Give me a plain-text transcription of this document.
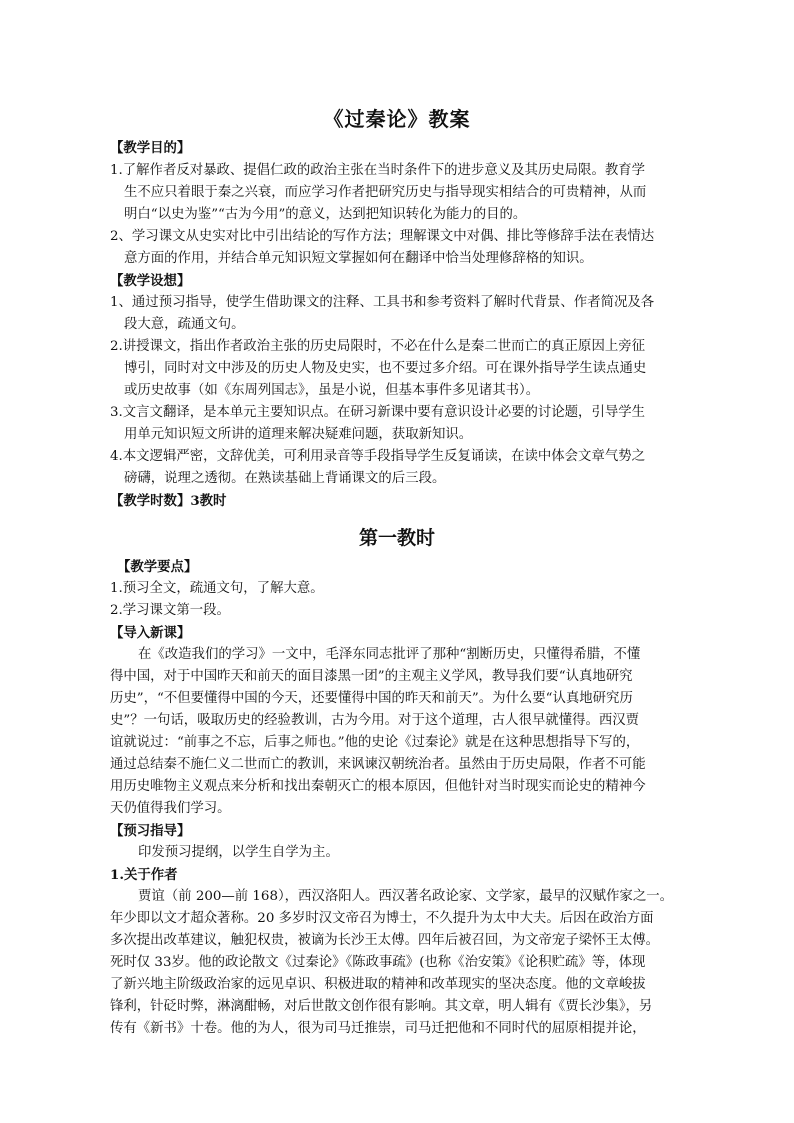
《过秦论》教案
【教学目的】
1.了解作者反对暴政、提倡仁政的政治主张在当时条件下的进步意义及其历史局限。教育学
生不应只着眼于秦之兴衰，而应学习作者把研究历史与指导现实相结合的可贵精神，从而
明白“以史为鉴”“古为今用”的意义，达到把知识转化为能力的目的。
2、学习课文从史实对比中引出结论的写作方法；理解课文中对偶、排比等修辞手法在表情达
意方面的作用，并结合单元知识短文掌握如何在翻译中恰当处理修辞格的知识。
【教学设想】
1、通过预习指导，使学生借助课文的注释、工具书和参考资料了解时代背景、作者简况及各
段大意，疏通文句。
2.讲授课文，指出作者政治主张的历史局限时，不必在什么是秦二世而亡的真正原因上旁征
博引，同时对文中涉及的历史人物及史实，也不要过多介绍。可在课外指导学生读点通史
或历史故事（如《东周列国志》，虽是小说，但基本事件多见诸其书）。
3.文言文翻译，是本单元主要知识点。在研习新课中要有意识设计必要的讨论题，引导学生
用单元知识短文所讲的道理来解决疑难问题，获取新知识。
4.本文逻辑严密，文辞优美，可利用录音等手段指导学生反复诵读，在读中体会文章气势之
磅礴，说理之透彻。在熟读基础上背诵课文的后三段。
【教学时数】3教时
第一教时
【教学要点】
1.预习全文，疏通文句，了解大意。
2.学习课文第一段。
【导入新课】
在《改造我们的学习》一文中，毛泽东同志批评了那种“割断历史，只懂得希腊，不懂
得中国，对于中国昨天和前天的面目漆黑一团”的主观主义学风，教导我们要“认真地研究
历史”，“不但要懂得中国的今天，还要懂得中国的昨天和前天”。为什么要“认真地研究历
史”？一句话，吸取历史的经验教训，古为今用。对于这个道理，古人很早就懂得。西汉贾
谊就说过：“前事之不忘，后事之师也。”他的史论《过秦论》就是在这种思想指导下写的，
通过总结秦不施仁义二世而亡的教训，来讽谏汉朝统治者。虽然由于历史局限，作者不可能
用历史唯物主义观点来分析和找出秦朝灭亡的根本原因，但他针对当时现实而论史的精神今
天仍值得我们学习。
【预习指导】
印发预习提纲，以学生自学为主。
1.关于作者
贾谊（前 200—前 168），西汉洛阳人。西汉著名政论家、文学家，最早的汉赋作家之一。
年少即以文才超众著称。20 多岁时汉文帝召为博士，不久提升为太中大夫。后因在政治方面
多次提出改革建议，触犯权贵，被谪为长沙王太傅。四年后被召回，为文帝宠子梁怀王太傅。
死时仅 33岁。他的政论散文《过秦论》《陈政事疏》(也称《治安策》《论积贮疏》等，体现
了新兴地主阶级政治家的远见卓识、积极进取的精神和改革现实的坚决态度。他的文章峻拔
锋利，针砭时弊，淋漓酣畅，对后世散文创作很有影响。其文章，明人辑有《贾长沙集》，另
传有《新书》十卷。他的为人，很为司马迁推崇，司马迁把他和不同时代的屈原相提并论，
